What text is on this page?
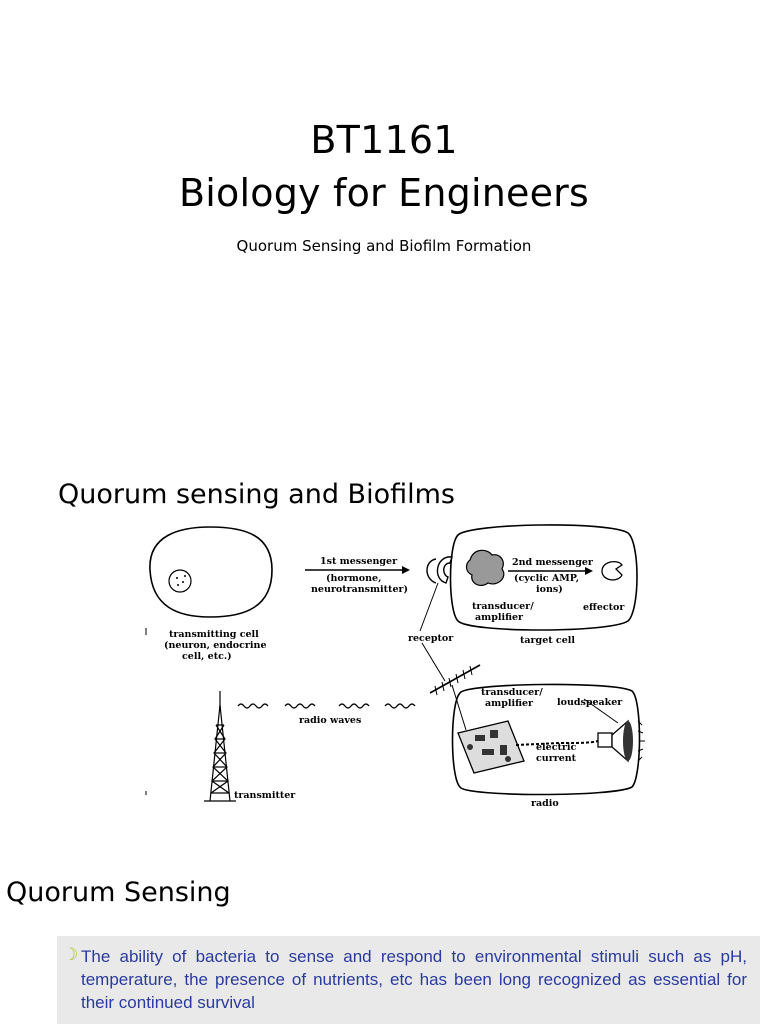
BT1161
Biology for Engineers
Quorum Sensing and Biofilm Formation
Quorum sensing and Biofilms
transmitting cell
(neuron, endocrine
cell, etc.)
1st messenger
(hormone,
neurotransmitter)
transducer/
amplifier
2nd messenger
(cyclic AMP,
ions)
effector
target cell
receptor
transducer/
amplifier	loudspeaker
electric
current
radio
radio waves
transmitter
Quorum Sensing
☽ The ability of bacteria to sense and respond to environmental stimuli such as pH, temperature, the presence of nutrients, etc has been long recognized as essential for their continued survival
